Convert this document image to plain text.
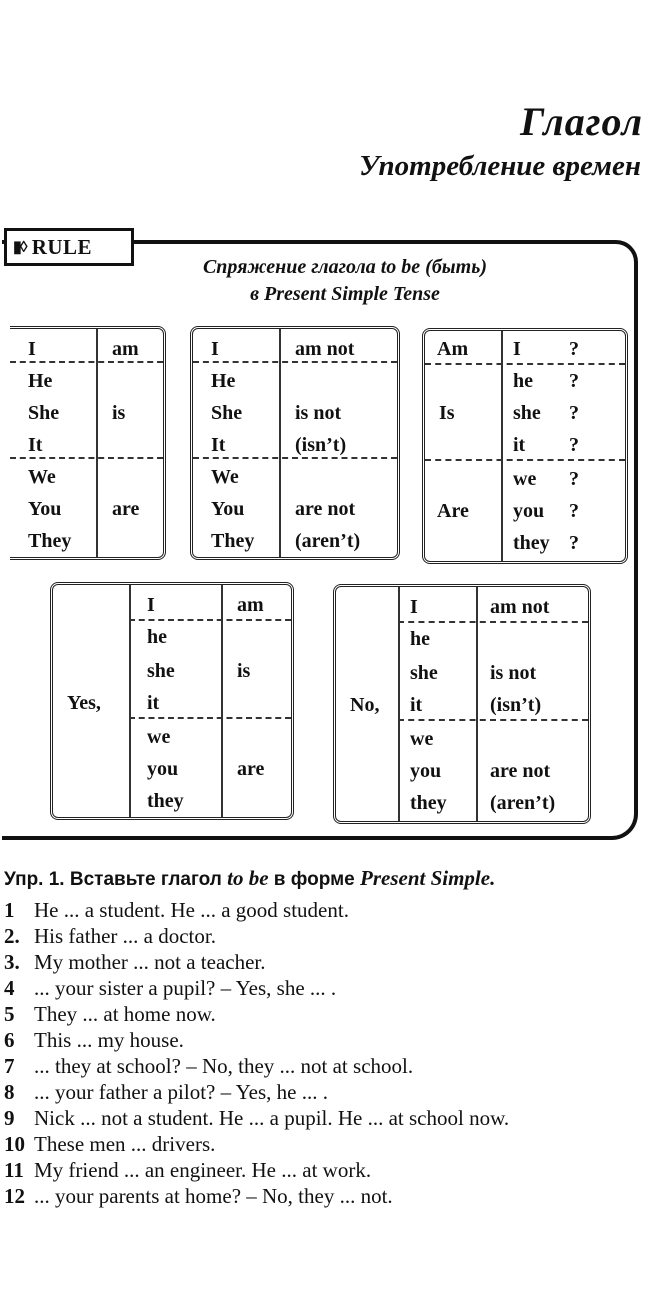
Глагол
Употребление времен
▮◊ RULE
Спряжение глагола to be (быть)
в Present Simple Tense
I
He
She
It
We
You
They
am
is
are
I
He
She
It
We
You
They
am not
is not
(isn’t)
are not
(aren’t)
Am
Is
Are
I
he
she
it
we
you
they
?
?
?
?
?
?
?
Yes,
I
he
she
it
we
you
they
am
is
are
No,
I
he
she
it
we
you
they
am not
is not
(isn’t)
are not
(aren’t)
Упр. 1. Вставьте глагол to be в форме Present Simple.
1 He ... a student. He ... a good student.
2. His father ... a doctor.
3. My mother ... not a teacher.
4 ... your sister a pupil? – Yes, she ... .
5 They ... at home now.
6 This ... my house.
7 ... they at school? – No, they ... not at school.
8 ... your father a pilot? – Yes, he ... .
9 Nick ... not a student. He ... a pupil. He ... at school now.
10 These men ... drivers.
11 My friend ... an engineer. He ... at work.
12 ... your parents at home? – No, they ... not.
